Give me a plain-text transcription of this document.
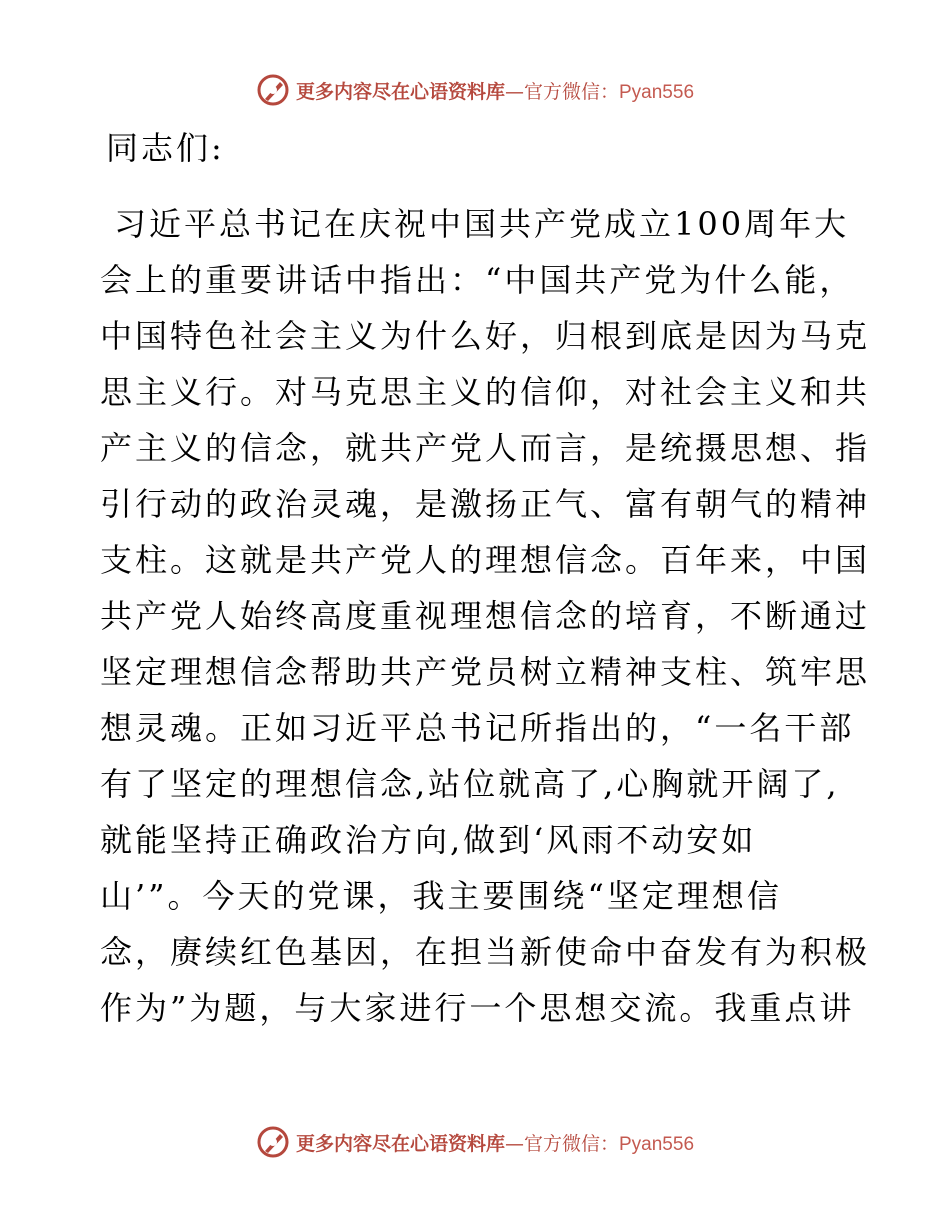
更多内容尽在心语资料库—官方微信：Pyan556
同志们:
习近平总书记在庆祝中国共产党成立100周年大
会上的重要讲话中指出：“中国共产党为什么能，
中国特色社会主义为什么好，归根到底是因为马克
思主义行。对马克思主义的信仰，对社会主义和共
产主义的信念，就共产党人而言，是统摄思想、指
引行动的政治灵魂，是激扬正气、富有朝气的精神
支柱。这就是共产党人的理想信念。百年来，中国
共产党人始终高度重视理想信念的培育，不断通过
坚定理想信念帮助共产党员树立精神支柱、筑牢思
想灵魂。正如习近平总书记所指出的，“一名干部
有了坚定的理想信念,站位就高了,心胸就开阔了,
就能坚持正确政治方向,做到‘风雨不动安如
山’”。今天的党课，我主要围绕“坚定理想信
念，赓续红色基因，在担当新使命中奋发有为积极
作为”为题，与大家进行一个思想交流。我重点讲
更多内容尽在心语资料库—官方微信：Pyan556
